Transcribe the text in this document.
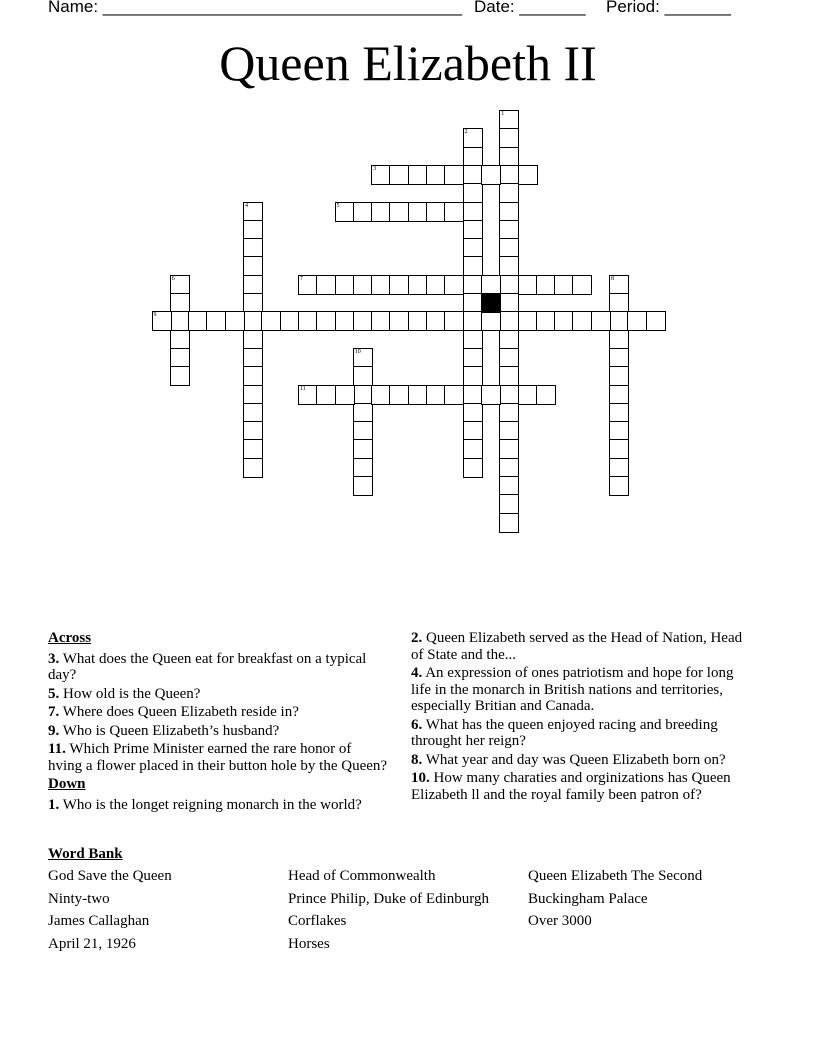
Name: ______________________________________ Date: _______ Period: _______
Queen Elizabeth II
1
2
3
4	5
6	7	8
9
10
11
Across
3. What does the Queen eat for breakfast on a typical day?
5. How old is the Queen?
7. Where does Queen Elizabeth reside in?
9. Who is Queen Elizabeth’s husband?
11. Which Prime Minister earned the rare honor of hving a flower placed in their button hole by the Queen?
Down
1. Who is the longet reigning monarch in the world?
2. Queen Elizabeth served as the Head of Nation, Head of State and the...
4. An expression of ones patriotism and hope for long life in the monarch in British nations and territories, especially Britian and Canada.
6. What has the queen enjoyed racing and breeding throught her reign?
8. What year and day was Queen Elizabeth born on?
10. How many charaties and orginizations has Queen Elizabeth ll and the royal family been patron of?
Word Bank
God Save the Queen
Ninty-two
James Callaghan
April 21, 1926
Head of Commonwealth
Prince Philip, Duke of Edinburgh
Corflakes
Horses
Queen Elizabeth The Second
Buckingham Palace
Over 3000
